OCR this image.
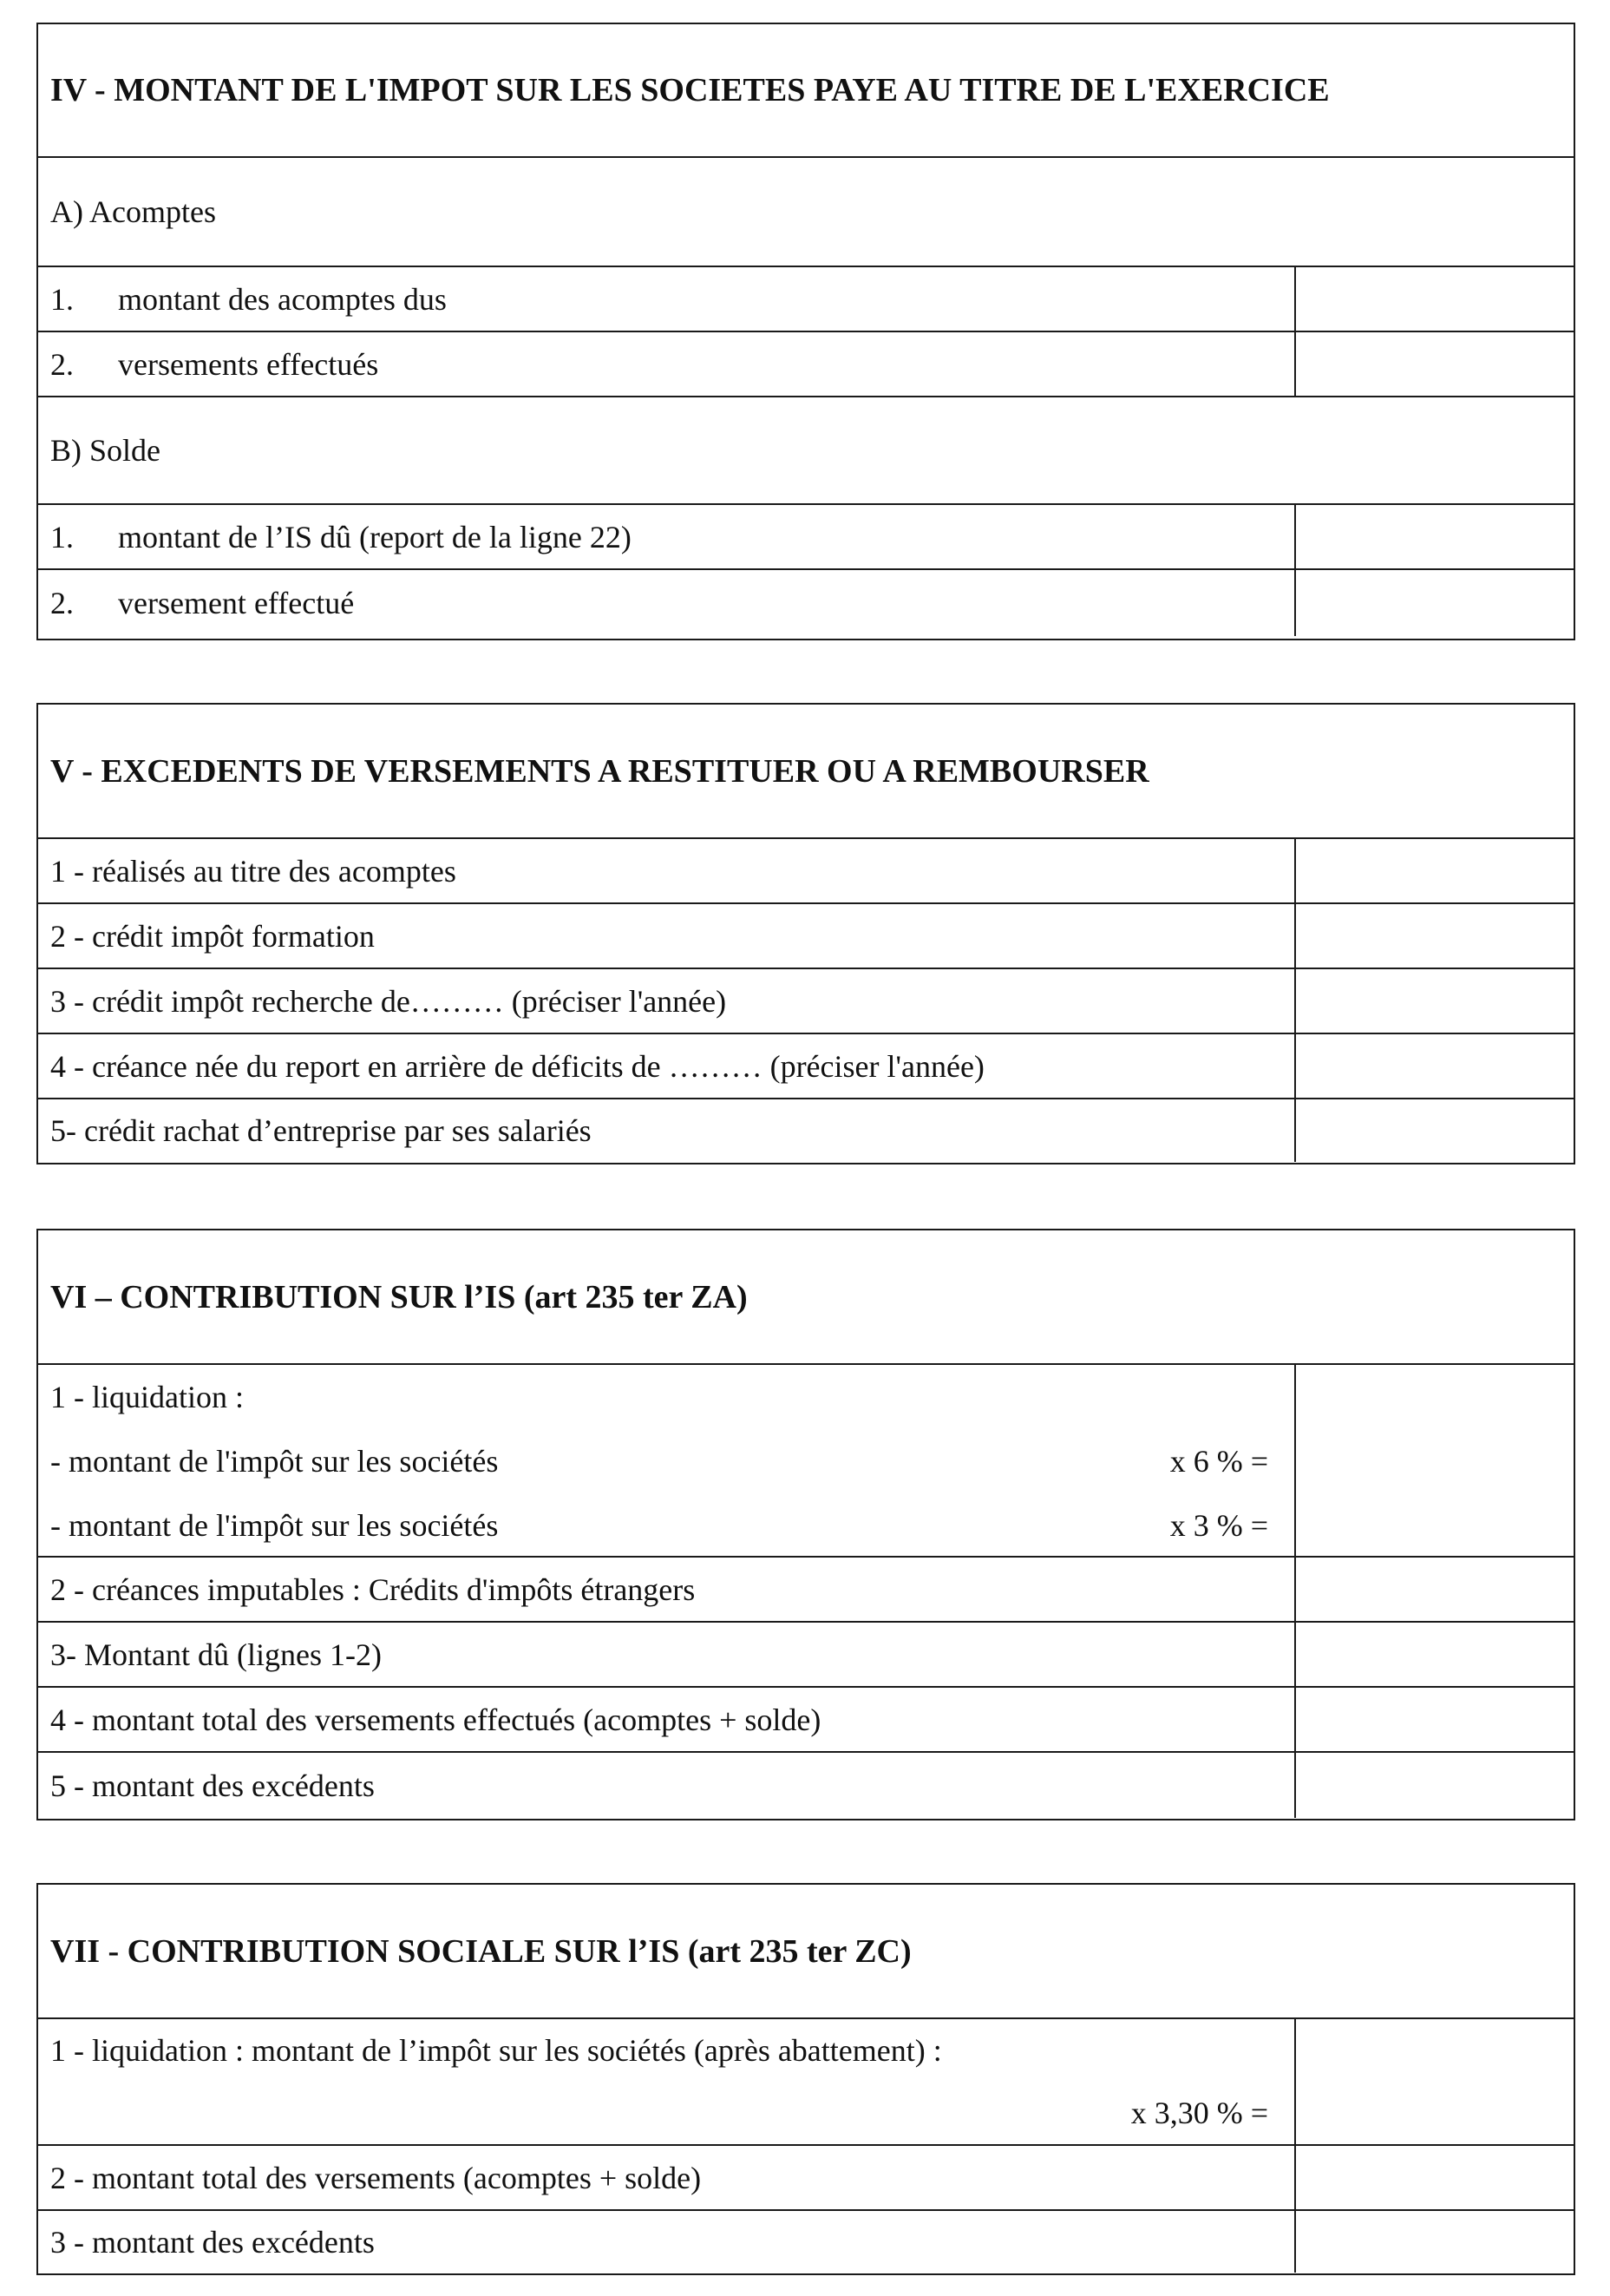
IV - MONTANT DE L'IMPOT SUR LES SOCIETES PAYE AU TITRE DE L'EXERCICE
A) Acomptes
1.	montant des acomptes dus
2.	versements effectués
B) Solde
1.	montant de l’IS dû (report de la ligne 22)
2.	versement effectué
V - EXCEDENTS DE VERSEMENTS A RESTITUER OU A REMBOURSER
1 - réalisés au titre des acomptes
2 - crédit impôt formation
3 - crédit impôt recherche de……… (préciser l'année)
4 - créance née du report en arrière de déficits de ……… (préciser l'année)
5- crédit rachat d’entreprise par ses salariés
VI – CONTRIBUTION SUR l’IS (art 235 ter ZA)
1 - liquidation :
- montant de l'impôt sur les sociétés	x 6 % =
- montant de l'impôt sur les sociétés	x 3 % =
2 - créances imputables : Crédits d'impôts étrangers
3- Montant dû (lignes 1-2)
4 - montant total des versements effectués (acomptes + solde)
5 - montant des excédents
VII - CONTRIBUTION SOCIALE SUR l’IS (art 235 ter ZC)
1 - liquidation : montant de l’impôt sur les sociétés (après abattement) :
x 3,30 % =
2 - montant total des versements (acomptes + solde)
3 - montant des excédents
